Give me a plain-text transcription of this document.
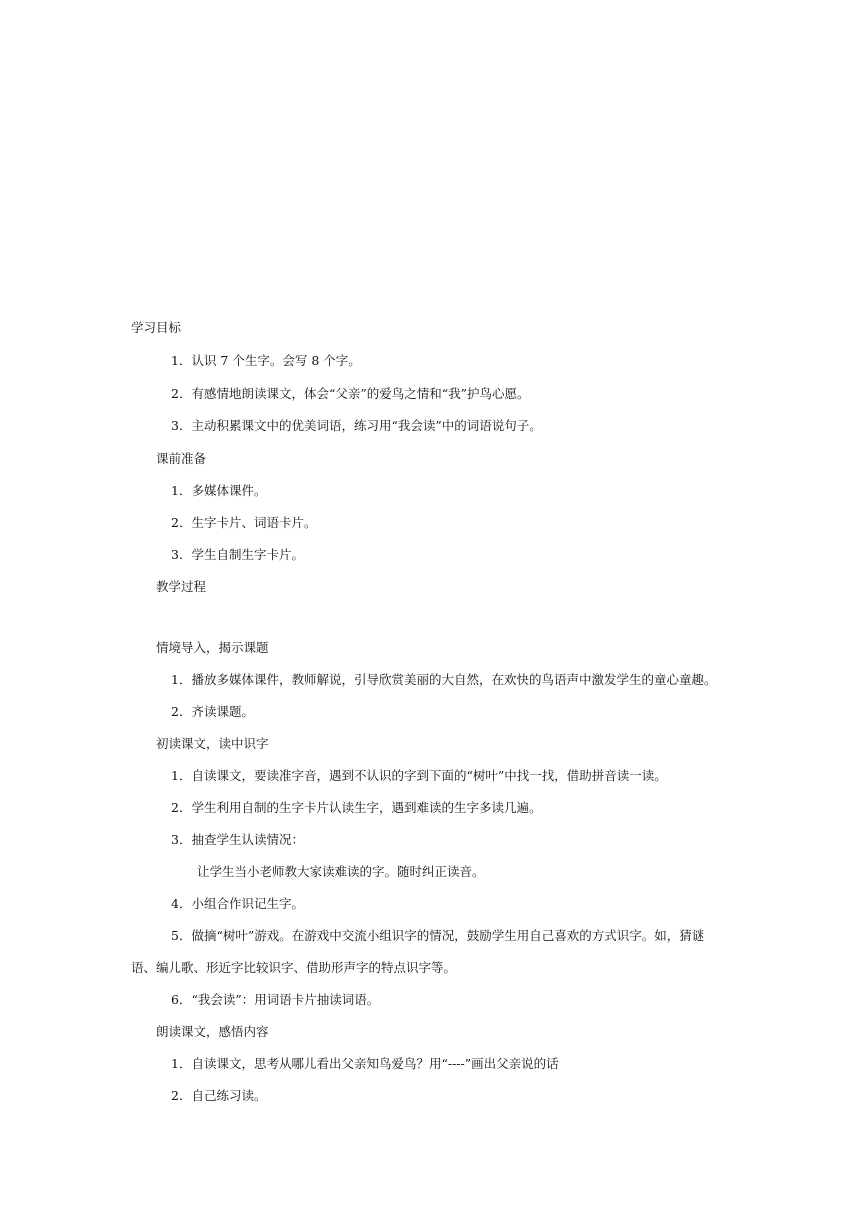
学习目标
1．认识 7 个生字。会写 8 个字。
2．有感情地朗读课文，体会“父亲”的爱鸟之情和“我”护鸟心愿。
3．主动积累课文中的优美词语，练习用“我会读”中的词语说句子。
课前准备
1．多媒体课件。
2．生字卡片、词语卡片。
3．学生自制生字卡片。
教学过程
情境导入，揭示课题
1．播放多媒体课件，教师解说，引导欣赏美丽的大自然，在欢快的鸟语声中激发学生的童心童趣。
2．齐读课题。
初读课文，读中识字
1．自读课文，要读准字音，遇到不认识的字到下面的“树叶”中找一找，借助拼音读一读。
2．学生利用自制的生字卡片认读生字，遇到难读的生字多读几遍。
3．抽查学生认读情况：
让学生当小老师教大家读难读的字。随时纠正读音。
4．小组合作识记生字。
5．做摘“树叶”游戏。在游戏中交流小组识字的情况，鼓励学生用自己喜欢的方式识字。如，猜谜
语、编儿歌、形近字比较识字、借助形声字的特点识字等。
6．“我会读”：用词语卡片抽读词语。
朗读课文，感悟内容
1．自读课文，思考从哪儿看出父亲知鸟爱鸟？用“----”画出父亲说的话
2．自己练习读。
